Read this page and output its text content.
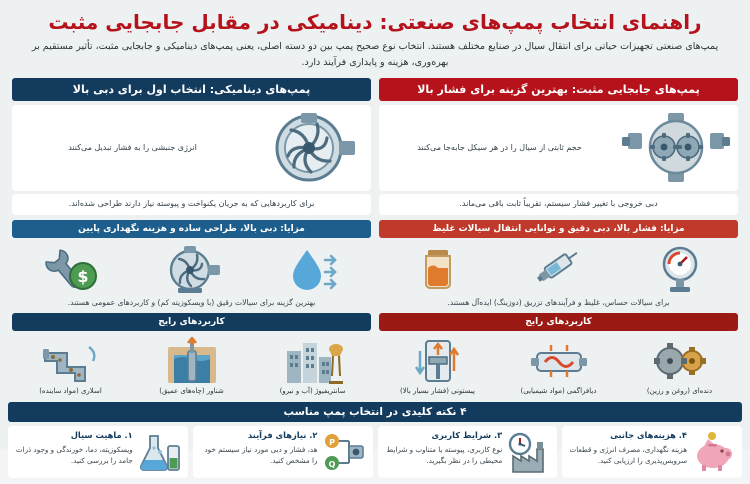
راهنمای انتخاب پمپ‌های صنعتی: دینامیکی در مقابل جابجایی مثبت
پمپ‌های صنعتی تجهیزات حیاتی برای انتقال سیال در صنایع مختلف هستند. انتخاب نوع صحیح پمپ بین دو دسته اصلی، یعنی پمپ‌های دینامیکی و جابجایی مثبت، تأثیر مستقیم بر بهره‌وری، هزینه و پایداری فرآیند دارد.
پمپ‌های جابجایی مثبت: بهترین گزینه برای فشار بالا
حجم ثابتی از سیال را در هر سیکل جابه‌جا می‌کنند
دبی خروجی با تغییر فشار سیستم، تقریباً ثابت باقی می‌ماند.
مزایا: فشار بالا، دبی دقیق و توانایی انتقال سیالات غلیظ
برای سیالات حساس، غلیظ و فرآیندهای تزریق (دوزینگ) ایده‌آل هستند.
کاربردهای رایج
دنده‌ای (روغن و رزین)
دیافراگمی (مواد شیمیایی)
پیستونی (فشار بسیار بالا)
پمپ‌های دینامیکی: انتخاب اول برای دبی بالا
انرژی جنبشی را به فشار تبدیل می‌کنند
برای کاربردهایی که به جریان یکنواخت و پیوسته نیاز دارند طراحی شده‌اند.
مزایا: دبی بالا، طراحی ساده و هزینه نگهداری پایین
$
بهترین گزینه برای سیالات رقیق (با ویسکوزیته کم) و کاربردهای عمومی هستند.
کاربردهای رایج
سانتریفیوژ (آب و نیرو)
شناور (چاه‌های عمیق)
اسلاری (مواد ساینده)
۴ نکته کلیدی در انتخاب پمپ مناسب
۴. هزینه‌های جانبی
هزینه نگهداری، مصرف انرژی و قطعات سرویس‌پذیری را ارزیابی کنید.
۳. شرایط کاربری
نوع کاربری، پیوسته یا متناوب و شرایط محیطی را در نظر بگیرید.
P
Q
۲. نیازهای فرآیند
هد، فشار و دبی مورد نیاز سیستم خود را مشخص کنید.
۱. ماهیت سیال
ویسکوزیته، دما، خورندگی و وجود ذرات جامد را بررسی کنید.
